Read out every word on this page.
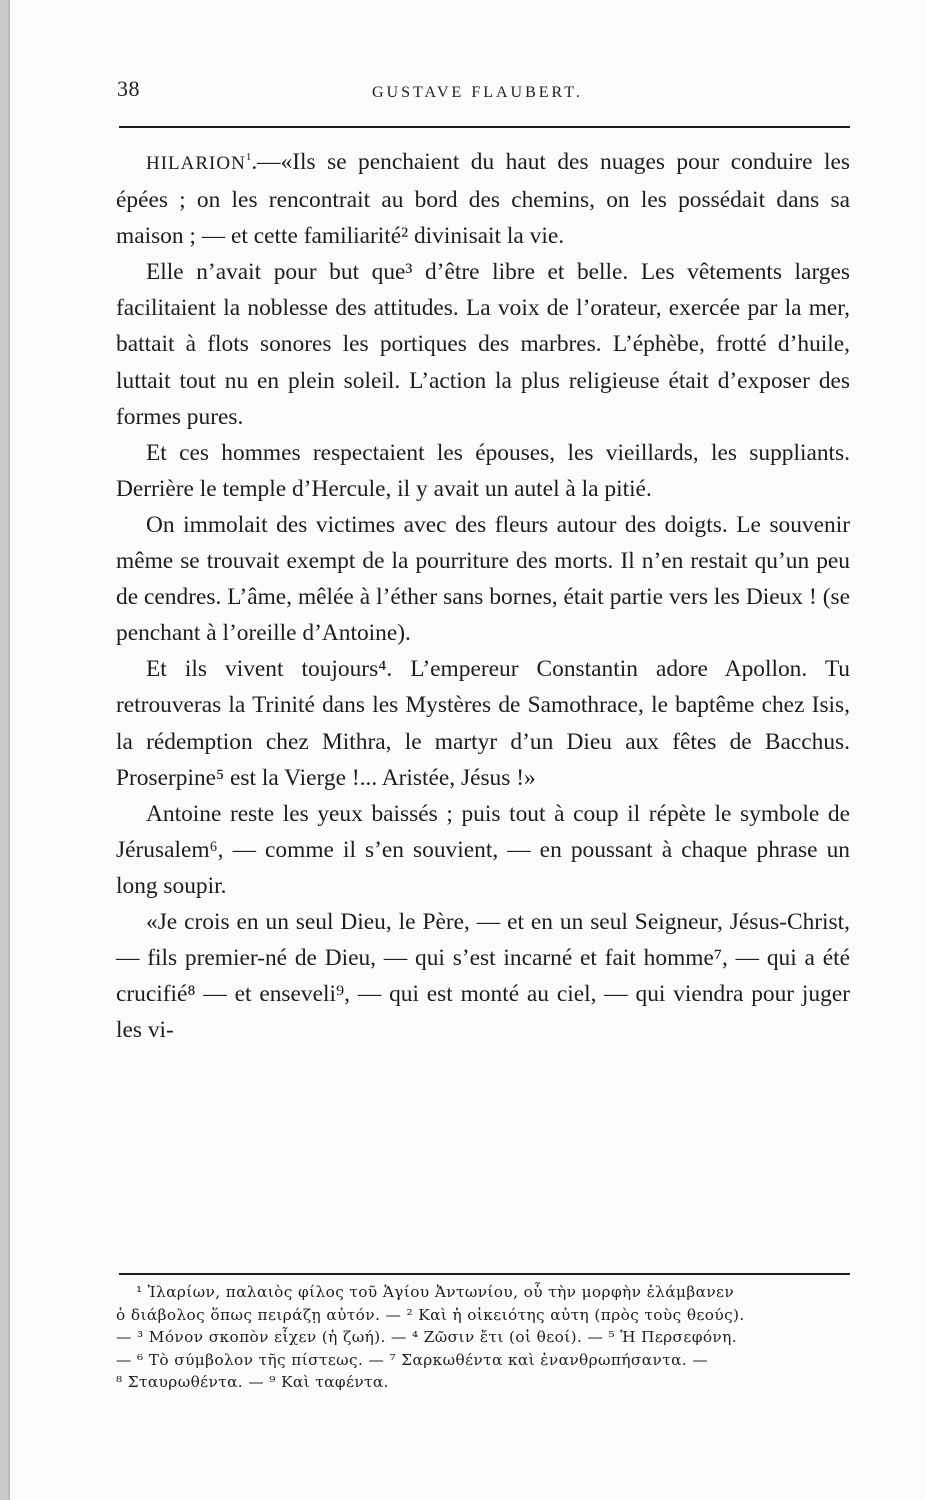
38	GUSTAVE FLAUBERT.

HILARION$^1$.—«Ils se penchaient du haut des nuages pour conduire les épées ; on les rencontrait au bord des chemins, on les possédait dans sa maison ; — et cette familiarité² divinisait la vie.

Elle n’avait pour but que³ d’être libre et belle. Les vêtements larges facilitaient la noblesse des attitudes. La voix de l’orateur, exercée par la mer, battait à flots sonores les portiques des marbres. L’éphèbe, frotté d’huile, luttait tout nu en plein soleil. L’action la plus religieuse était d’exposer des formes pures.

Et ces hommes respectaient les épouses, les vieillards, les suppliants. Derrière le temple d’Hercule, il y avait un autel à la pitié.

On immolait des victimes avec des fleurs autour des doigts. Le souvenir même se trouvait exempt de la pourriture des morts. Il n’en restait qu’un peu de cendres. L’âme, mêlée à l’éther sans bornes, était partie vers les Dieux ! (se penchant à l’oreille d’Antoine).

Et ils vivent toujours⁴. L’empereur Constantin adore Apollon. Tu retrouveras la Trinité dans les Mystères de Samothrace, le baptême chez Isis, la rédemption chez Mithra, le martyr d’un Dieu aux fêtes de Bacchus. Proserpine⁵ est la Vierge !... Aristée, Jésus !»

Antoine reste les yeux baissés ; puis tout à coup il répète le symbole de Jérusalem⁶, — comme il s’en souvient, — en poussant à chaque phrase un long soupir.

«Je crois en un seul Dieu, le Père, — et en un seul Seigneur, Jésus-Christ, — fils premier-né de Dieu, — qui s’est incarné et fait homme⁷, — qui a été crucifié⁸ — et enseveli⁹, — qui est monté au ciel, — qui viendra pour juger les vi-

¹ Ἱλαρίων, παλαιὸς φίλος τοῦ Ἁγίου Ἀντωνίου, οὗ τὴν μορφὴν ἐλάμβανεν
ὁ διάβολος ὅπως πειράζῃ αὐτόν. — ² Καὶ ἡ οἰκειότης αὐτη (πρὸς τοὺς θεούς).
— ³ Μόνον σκοπὸν εἶχεν (ἡ ζωή). — ⁴ Ζῶσιν ἔτι (οἱ θεοί). — ⁵ Ἡ Περσεφόνη.
— ⁶ Τὸ σύμβολον τῆς πίστεως. — ⁷ Σαρκωθέντα καὶ ἐνανθρωπήσαντα. —
⁸ Σταυρωθέντα. — ⁹ Καὶ ταφέντα.
